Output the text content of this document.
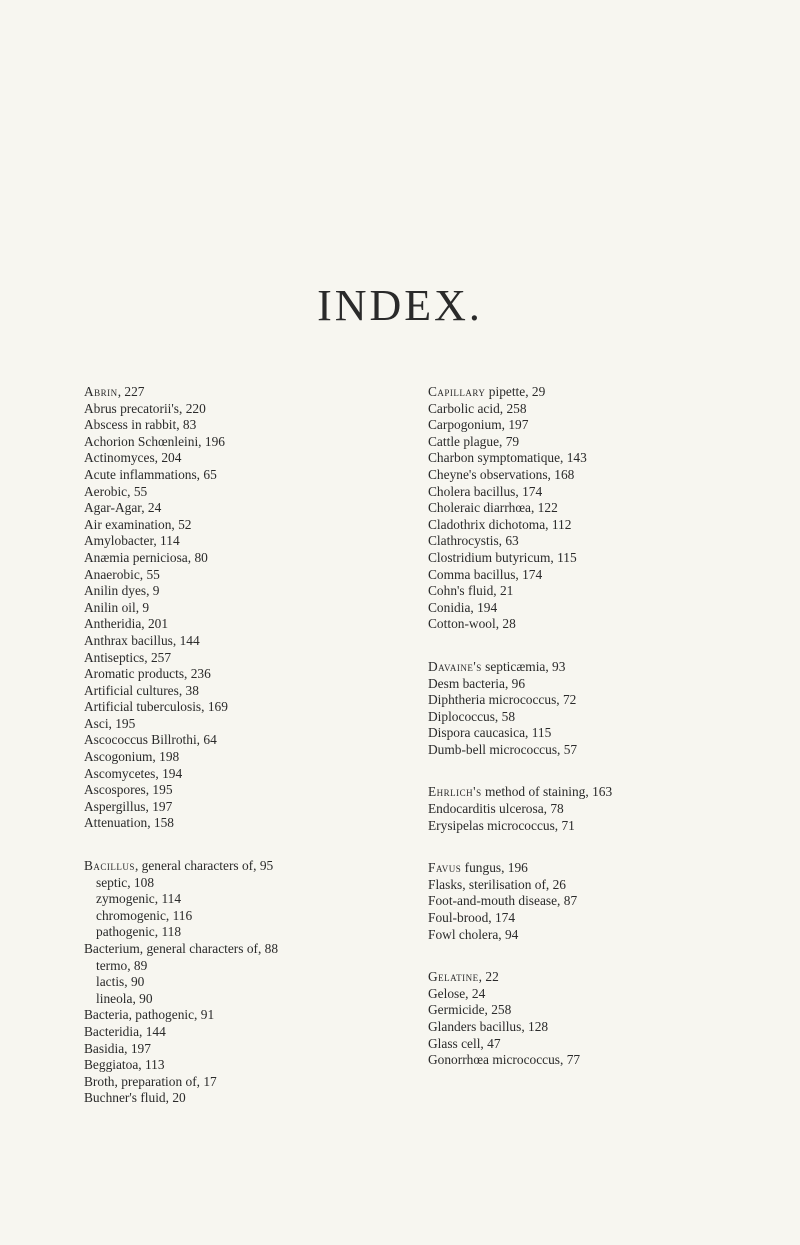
INDEX.
Abrin, 227
Abrus precatorii's, 220
Abscess in rabbit, 83
Achorion Schœnleini, 196
Actinomyces, 204
Acute inflammations, 65
Aerobic, 55
Agar-Agar, 24
Air examination, 52
Amylobacter, 114
Anæmia perniciosa, 80
Anaerobic, 55
Anilin dyes, 9
Anilin oil, 9
Antheridia, 201
Anthrax bacillus, 144
Antiseptics, 257
Aromatic products, 236
Artificial cultures, 38
Artificial tuberculosis, 169
Asci, 195
Ascococcus Billrothi, 64
Ascogonium, 198
Ascomycetes, 194
Ascospores, 195
Aspergillus, 197
Attenuation, 158
Bacillus, general characters of, 95
septic, 108
zymogenic, 114
chromogenic, 116
pathogenic, 118
Bacterium, general characters of, 88
termo, 89
lactis, 90
lineola, 90
Bacteria, pathogenic, 91
Bacteridia, 144
Basidia, 197
Beggiatoa, 113
Broth, preparation of, 17
Buchner's fluid, 20
Capillary pipette, 29
Carbolic acid, 258
Carpogonium, 197
Cattle plague, 79
Charbon symptomatique, 143
Cheyne's observations, 168
Cholera bacillus, 174
Choleraic diarrhœa, 122
Cladothrix dichotoma, 112
Clathrocystis, 63
Clostridium butyricum, 115
Comma bacillus, 174
Cohn's fluid, 21
Conidia, 194
Cotton-wool, 28
Davaine's septicæmia, 93
Desm bacteria, 96
Diphtheria micrococcus, 72
Diplococcus, 58
Dispora caucasica, 115
Dumb-bell micrococcus, 57
Ehrlich's method of staining, 163
Endocarditis ulcerosa, 78
Erysipelas micrococcus, 71
Favus fungus, 196
Flasks, sterilisation of, 26
Foot-and-mouth disease, 87
Foul-brood, 174
Fowl cholera, 94
Gelatine, 22
Gelose, 24
Germicide, 258
Glanders bacillus, 128
Glass cell, 47
Gonorrhœa micrococcus, 77
